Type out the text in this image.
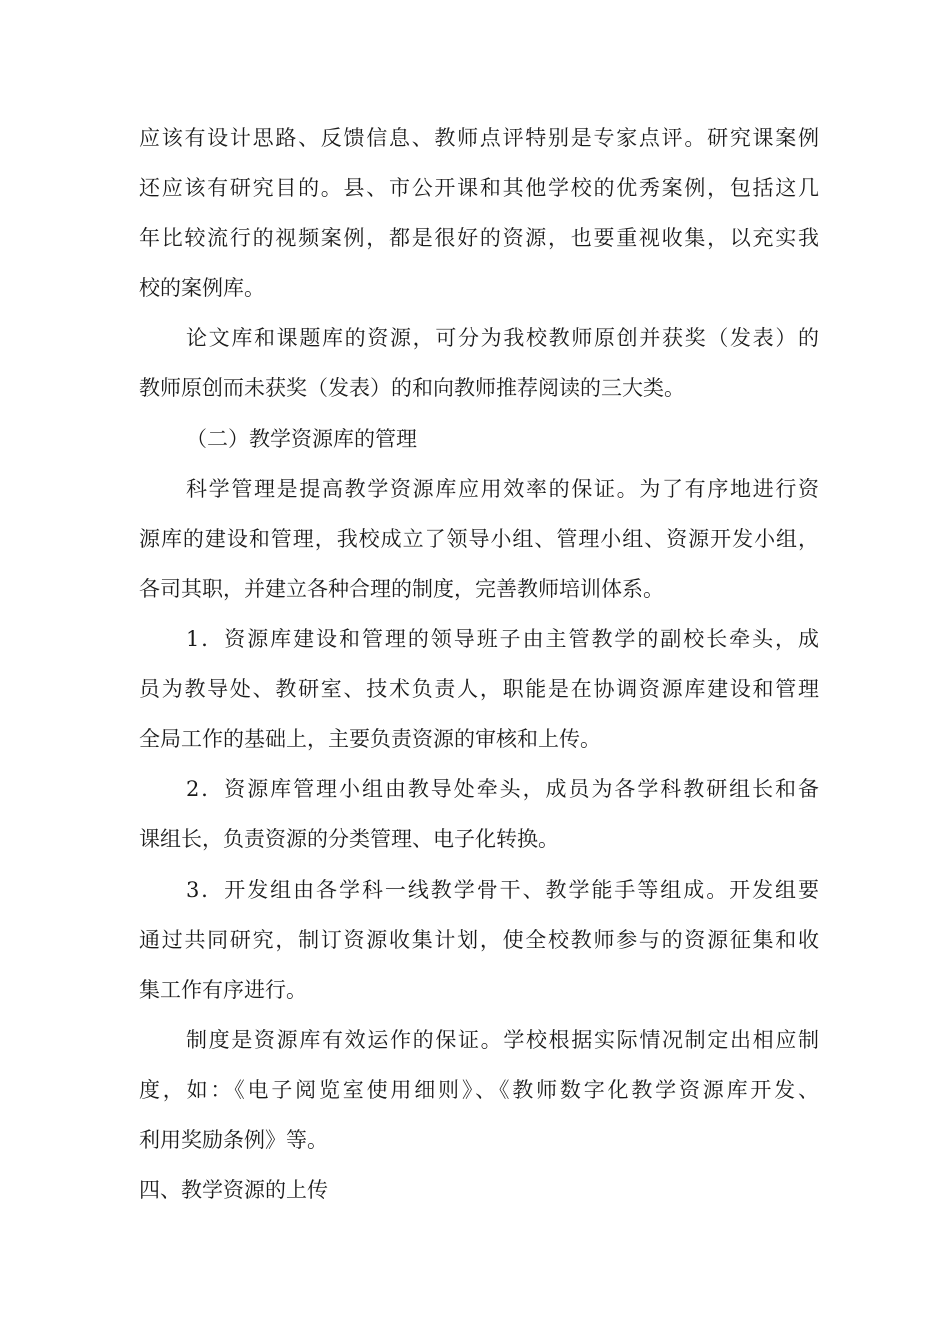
应该有设计思路、反馈信息、教师点评特别是专家点评。研究课案例
还应该有研究目的。县、市公开课和其他学校的优秀案例，包括这几
年比较流行的视频案例，都是很好的资源，也要重视收集，以充实我
校的案例库。
论文库和课题库的资源，可分为我校教师原创并获奖（发表）的
教师原创而未获奖（发表）的和向教师推荐阅读的三大类。
（二）教学资源库的管理
科学管理是提高教学资源库应用效率的保证。为了有序地进行资
源库的建设和管理，我校成立了领导小组、管理小组、资源开发小组，
各司其职，并建立各种合理的制度，完善教师培训体系。
1．资源库建设和管理的领导班子由主管教学的副校长牵头，成
员为教导处、教研室、技术负责人，职能是在协调资源库建设和管理
全局工作的基础上，主要负责资源的审核和上传。
2．资源库管理小组由教导处牵头，成员为各学科教研组长和备
课组长，负责资源的分类管理、电子化转换。
3．开发组由各学科一线教学骨干、教学能手等组成。开发组要
通过共同研究，制订资源收集计划，使全校教师参与的资源征集和收
集工作有序进行。
制度是资源库有效运作的保证。学校根据实际情况制定出相应制
度，如：《电子阅览室使用细则》、《教师数字化教学资源库开发、
利用奖励条例》等。
四、教学资源的上传
